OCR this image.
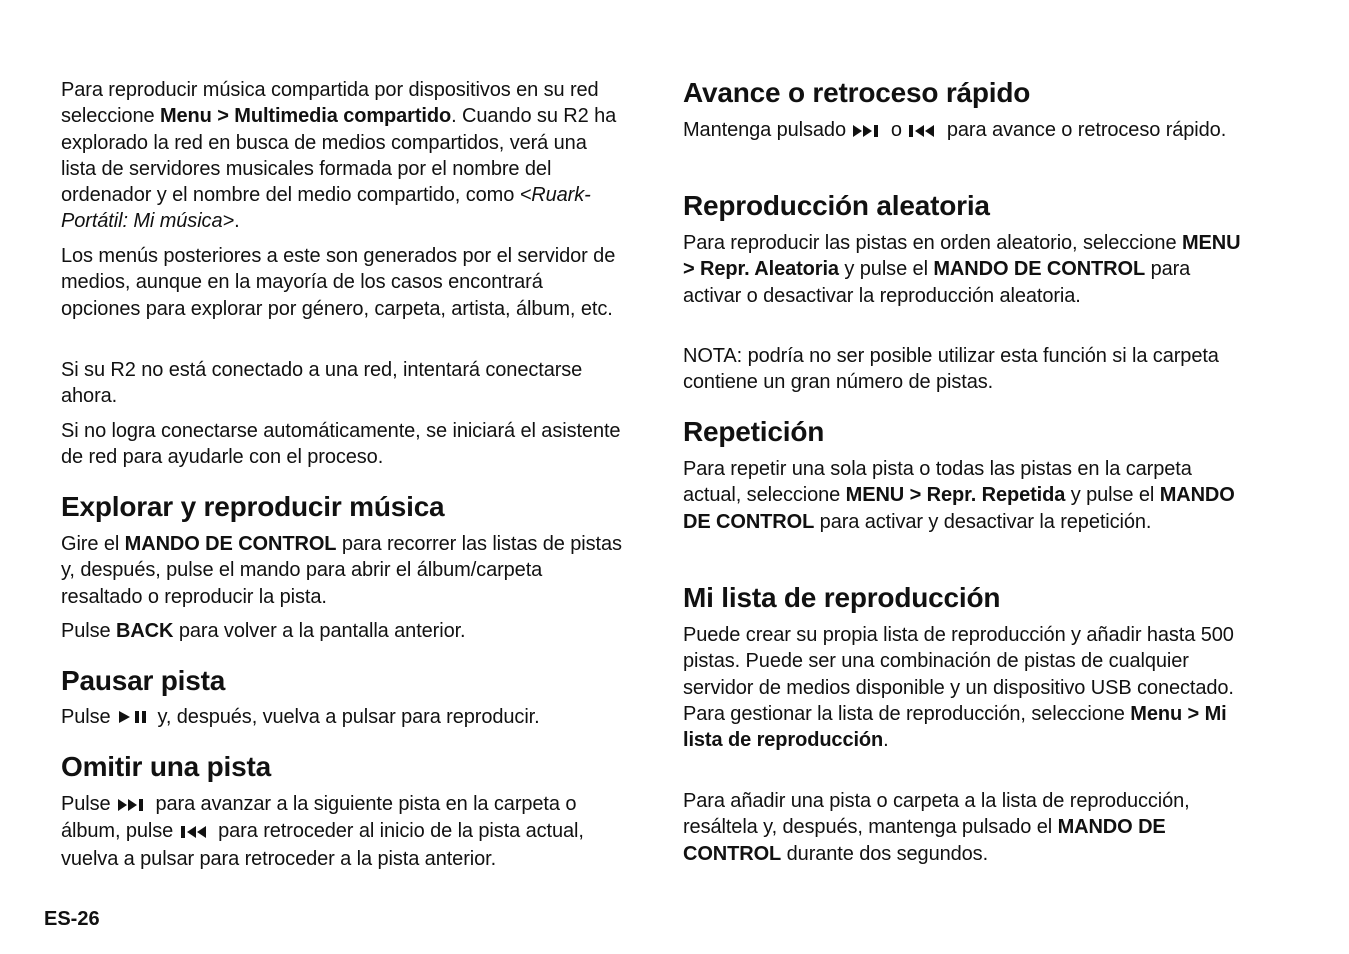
Para reproducir música compartida por dispositivos en su red seleccione Menu > Multimedia compartido. Cuando su R2 ha explorado la red en busca de medios compartidos, verá una lista de servidores musicales formada por el nombre del ordenador y el nombre del medio compartido, como <Ruark-Portátil: Mi música>.

Los menús posteriores a este son generados por el servidor de medios, aunque en la mayoría de los casos encontrará opciones para explorar por género, carpeta, artista, álbum, etc.

Si su R2 no está conectado a una red, intentará conectarse ahora.

Si no logra conectarse automáticamente, se iniciará el asistente de red para ayudarle con el proceso.

Explorar y reproducir música

Gire el MANDO DE CONTROL para recorrer las listas de pistas y, después, pulse el mando para abrir el álbum/carpeta resaltado o reproducir la pista.

Pulse BACK para volver a la pantalla anterior.

Pausar pista

Pulse  y, después, vuelva a pulsar para reproducir.

Omitir una pista

Pulse  para avanzar a la siguiente pista en la carpeta o álbum, pulse  para retroceder al inicio de la pista actual, vuelva a pulsar para retroceder a la pista anterior.

Avance o retroceso rápido

Mantenga pulsado  o  para avance o retroceso rápido.

Reproducción aleatoria

Para reproducir las pistas en orden aleatorio, seleccione MENU > Repr. Aleatoria y pulse el MANDO DE CONTROL para activar o desactivar la reproducción aleatoria.

NOTA: podría no ser posible utilizar esta función si la carpeta contiene un gran número de pistas.

Repetición

Para repetir una sola pista o todas las pistas en la carpeta actual, seleccione MENU > Repr. Repetida y pulse el MANDO DE CONTROL para activar y desactivar la repetición.

Mi lista de reproducción

Puede crear su propia lista de reproducción y añadir hasta 500 pistas. Puede ser una combinación de pistas de cualquier servidor de medios disponible y un dispositivo USB conectado. Para gestionar la lista de reproducción, seleccione Menu > Mi lista de reproducción.

Para añadir una pista o carpeta a la lista de reproducción, resáltela y, después, mantenga pulsado el MANDO DE CONTROL durante dos segundos.

ES-26
